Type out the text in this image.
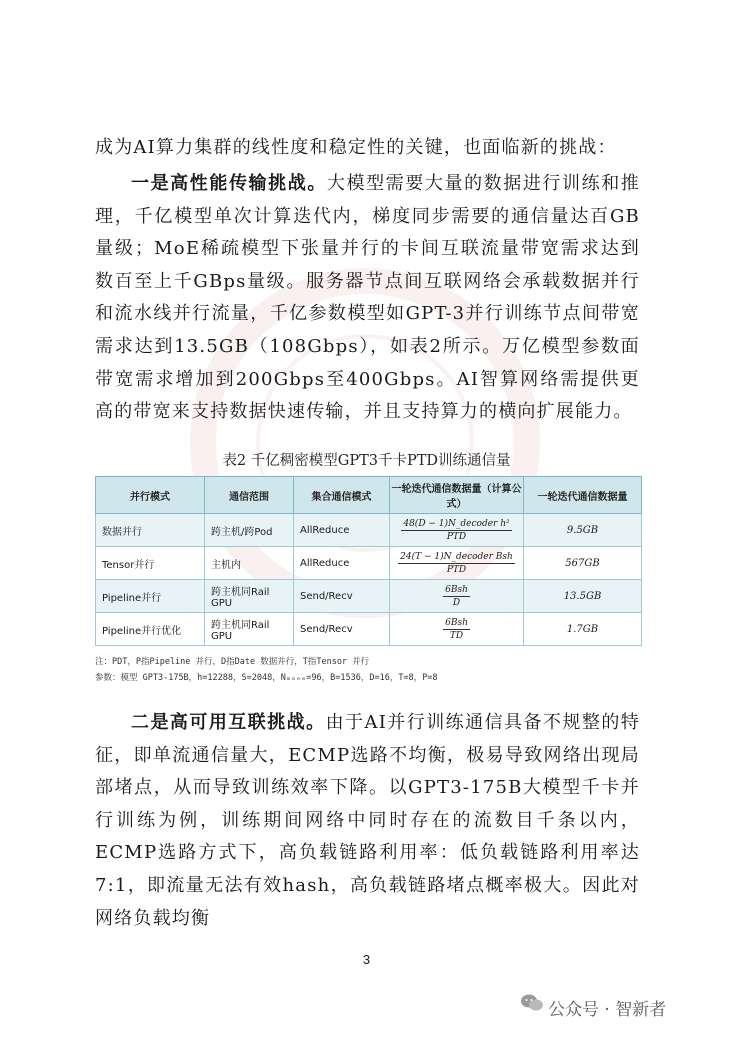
成为AI算力集群的线性度和稳定性的关键，也面临新的挑战：

一是高性能传输挑战。大模型需要大量的数据进行训练和推理，千亿模型单次计算迭代内，梯度同步需要的通信量达百GB量级；MoE稀疏模型下张量并行的卡间互联流量带宽需求达到数百至上千GBps量级。服务器节点间互联网络会承载数据并行和流水线并行流量，千亿参数模型如GPT-3并行训练节点间带宽需求达到13.5GB（108Gbps），如表2所示。万亿模型参数面带宽需求增加到200Gbps至400Gbps。AI智算网络需提供更高的带宽来支持数据快速传输，并且支持算力的横向扩展能力。

表2 千亿稠密模型GPT3千卡PTD训练通信量
并行模式	通信范围	集合通信模式	一轮迭代通信数据量（计算公式）	一轮迭代通信数据量
数据并行	跨主机/跨Pod	AllReduce	$\frac{\text{48(D − 1)N\_decoder h²}}{\text{PTD}}$	9.5GB
Tensor并行	主机内	AllReduce	$\frac{\text{24(T − 1)N\_decoder Bsh}}{\text{PTD}}$	567GB
Pipeline并行	跨主机同Rail GPU	Send/Recv	$\frac{\text{6Bsh}}{D}$	13.5GB
Pipeline并行优化	跨主机同Rail GPU	Send/Recv	$\frac{\text{6Bsh}}{TD}$	1.7GB
注：PDT，P指Pipeline 并行，D指Date 数据并行，T指Tensor 并行
参数：模型 GPT3-175B，h=12288，S=2048，Nₘₒₑₑ=96，B=1536，D=16，T=8，P=8

二是高可用互联挑战。由于AI并行训练通信具备不规整的特征，即单流通信量大，ECMP选路不均衡，极易导致网络出现局部堵点，从而导致训练效率下降。以GPT3-175B大模型千卡并行训练为例，训练期间网络中同时存在的流数目千条以内，ECMP选路方式下，高负载链路利用率：低负载链路利用率达7:1，即流量无法有效hash，高负载链路堵点概率极大。因此对网络负载均衡

3
公众号 · 智新者
